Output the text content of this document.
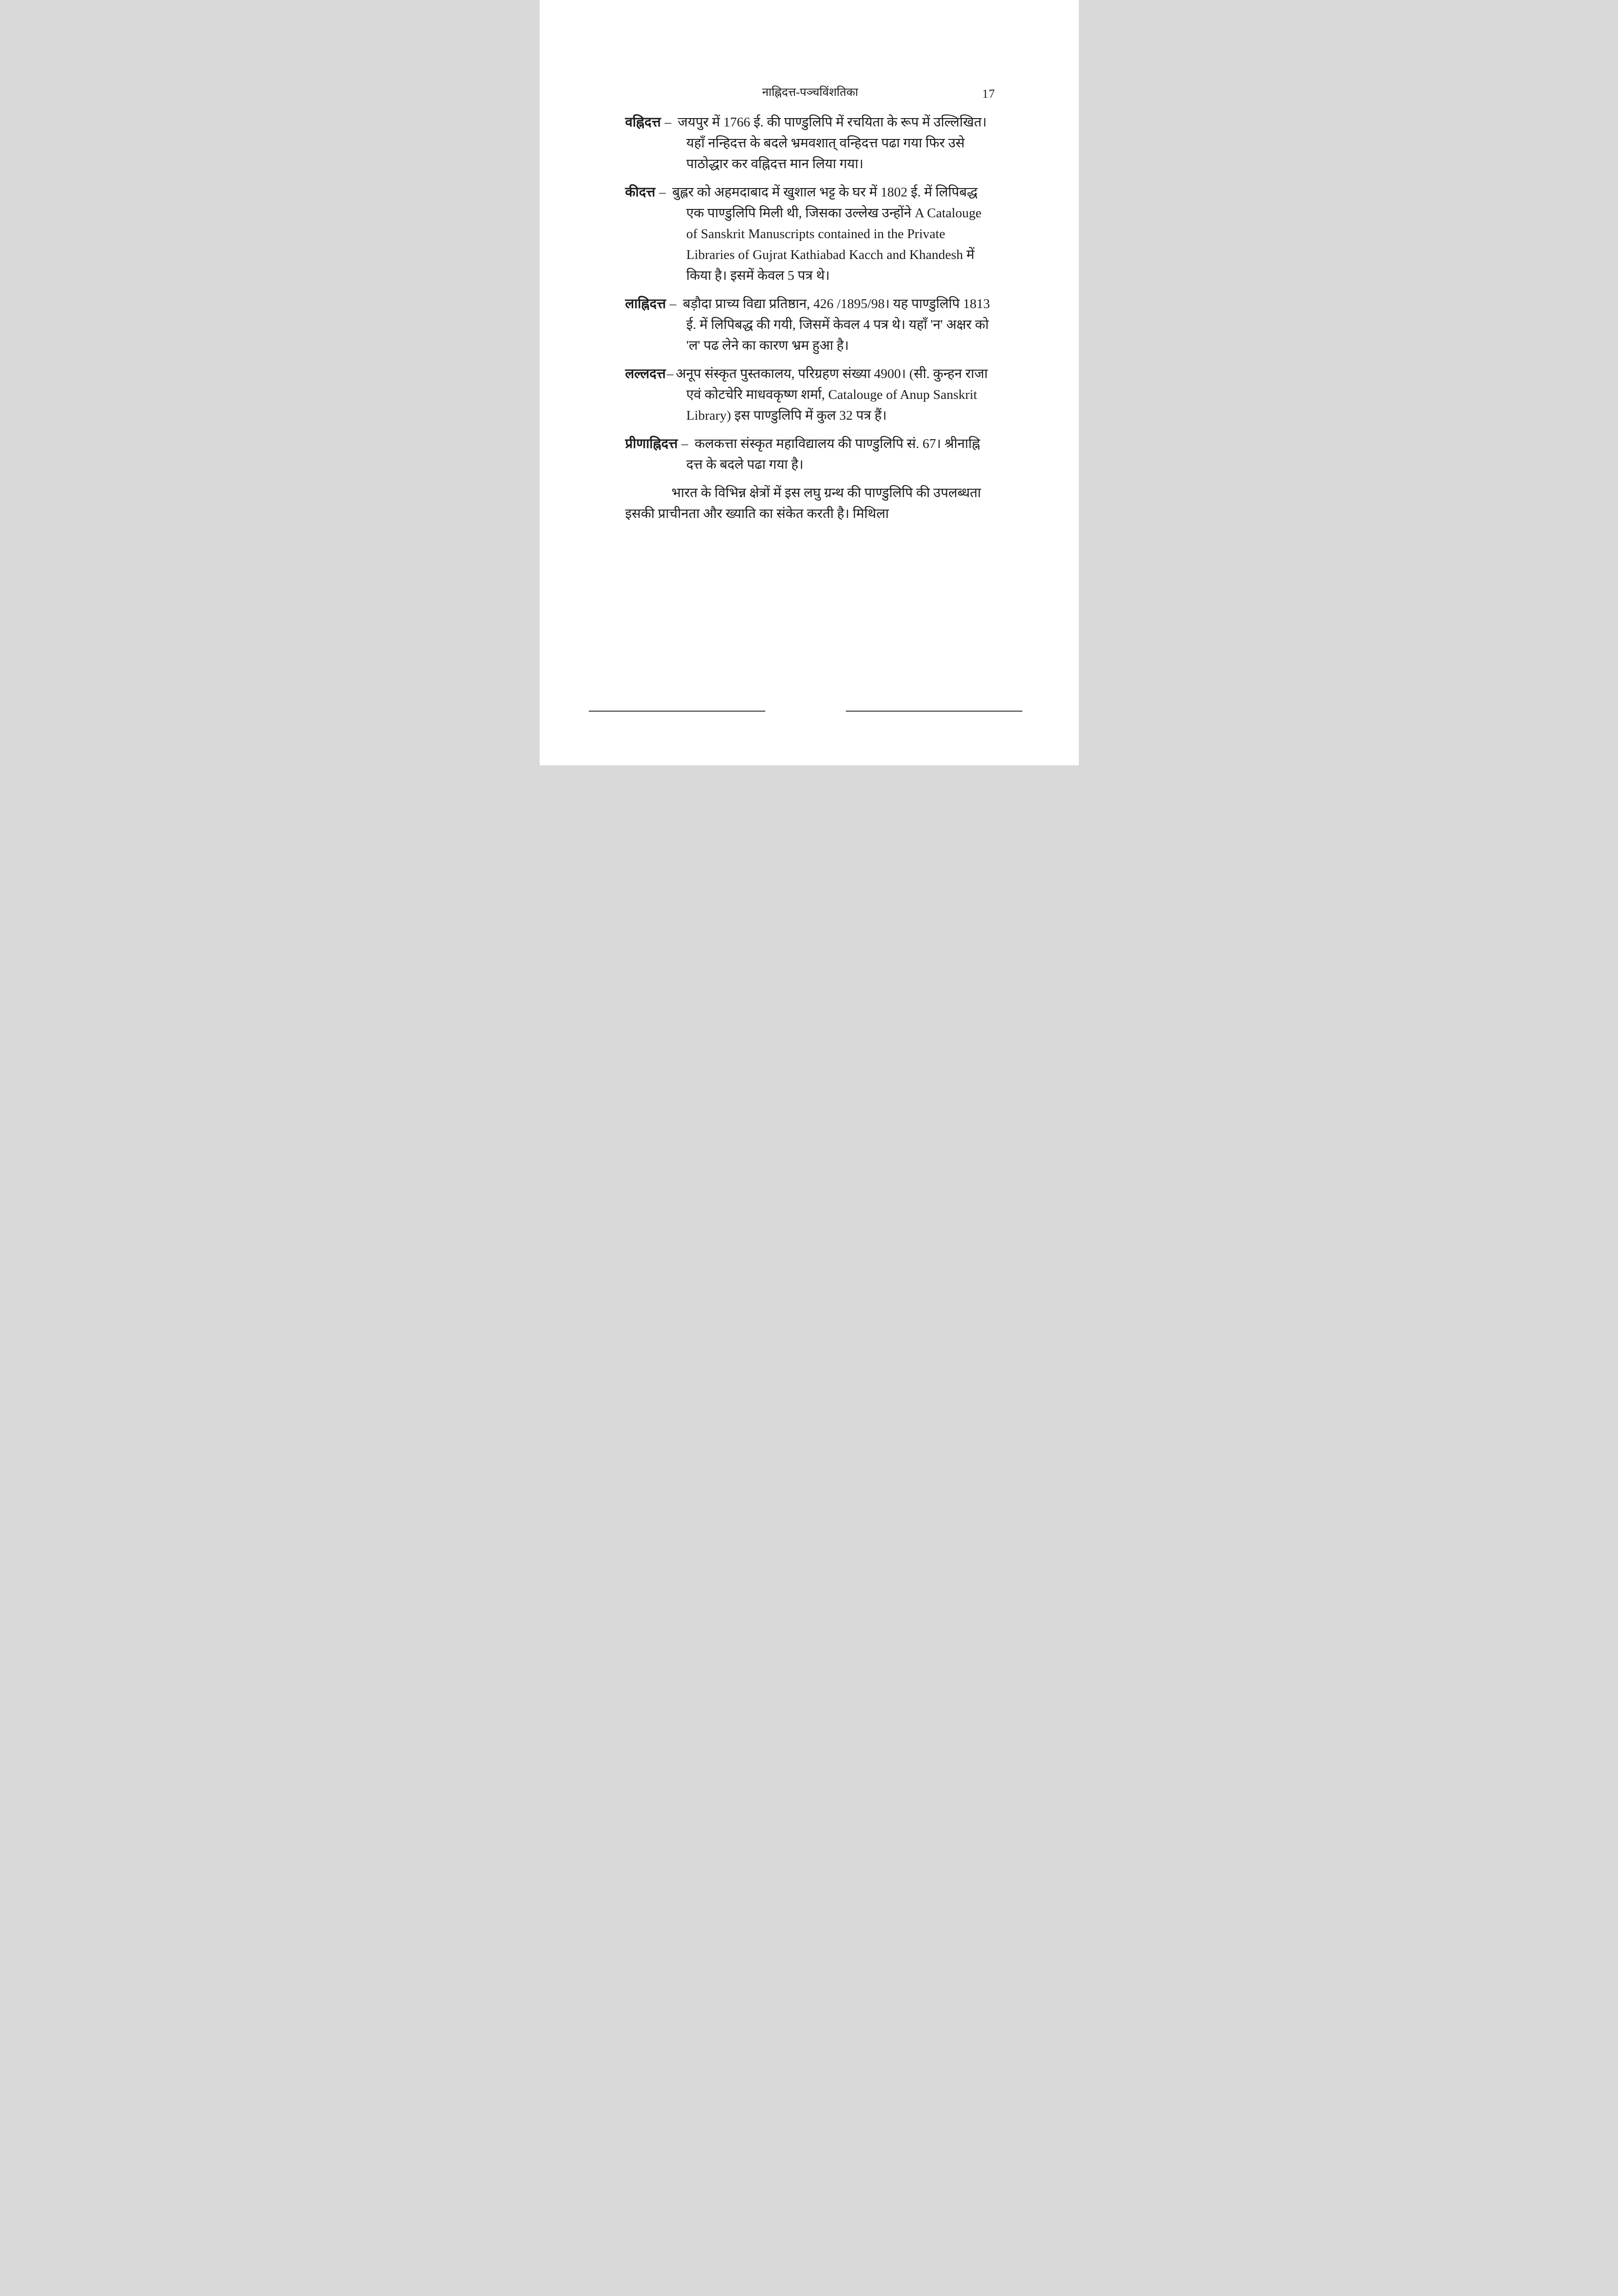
नाह्निदत्त-पञ्चविंशतिका	17

वह्निदत्त – जयपुर में 1766 ई. की पाण्डुलिपि में रचयिता के रूप में उल्लिखित। यहाँ नन्हिदत्त के बदले भ्रमवशात् वन्हिदत्त पढा गया फिर उसे पाठोद्धार कर वह्निदत्त मान लिया गया।

कीदत्त – बुह्लर को अहमदाबाद में खुशाल भट्ट के घर में 1802 ई. में लिपिबद्ध एक पाण्डुलिपि मिली थी, जिसका उल्लेख उन्होंने A Catalouge of Sanskrit Manuscripts contained in the Private Libraries of Gujrat Kathiabad Kacch and Khandesh में किया है। इसमें केवल 5 पत्र थे।

लाह्निदत्त – बड़ौदा प्राच्य विद्या प्रतिष्ठान, 426 /1895/98। यह पाण्डुलिपि 1813 ई. में लिपिबद्ध की गयी, जिसमें केवल 4 पत्र थे। यहाँ 'न' अक्षर को 'ल' पढ लेने का कारण भ्रम हुआ है।

लल्लदत्त– अनूप संस्कृत पुस्तकालय, परिग्रहण संख्या 4900। (सी. कुन्हन राजा एवं कोटचेरि माधवकृष्ण शर्मा, Catalouge of Anup Sanskrit Library) इस पाण्डुलिपि में कुल 32 पत्र हैं।

प्रीणाह्निदत्त – कलकत्ता संस्कृत महाविद्यालय की पाण्डुलिपि सं. 67। श्रीनाह्नि दत्त के बदले पढा गया है।

भारत के विभिन्न क्षेत्रों में इस लघु ग्रन्थ की पाण्डुलिपि की उपलब्धता इसकी प्राचीनता और ख्याति का संकेत करती है। मिथिला
